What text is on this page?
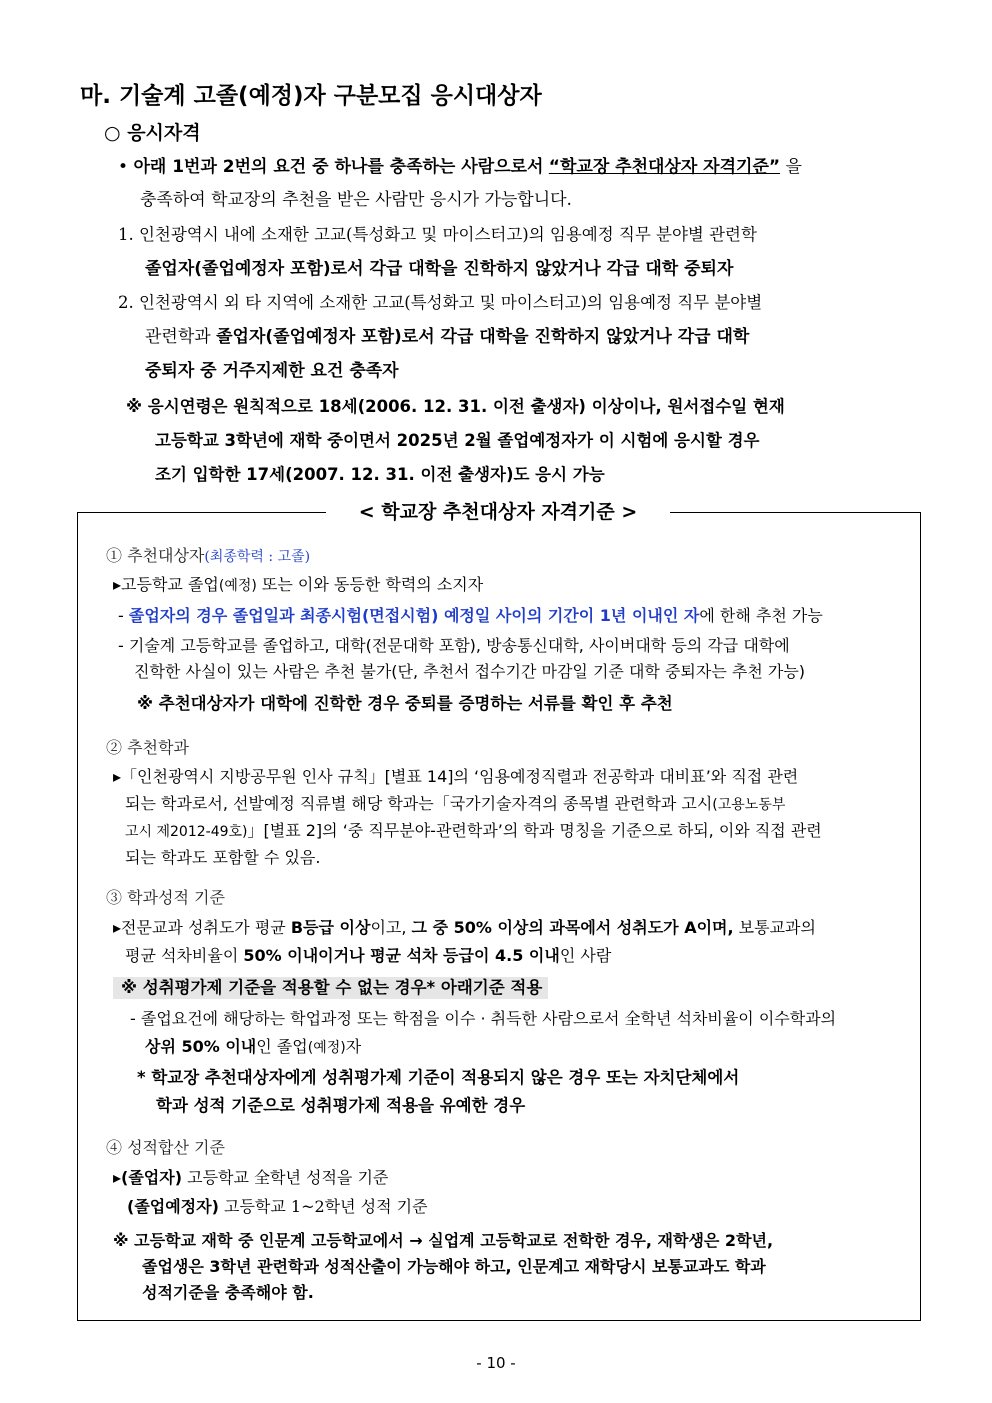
마. 기술계 고졸(예정)자 구분모집 응시대상자
○ 응시자격
• 아래 1번과 2번의 요건 중 하나를 충족하는 사람으로서 “학교장 추천대상자 자격기준” 을
충족하여 학교장의 추천을 받은 사람만 응시가 가능합니다.
1. 인천광역시 내에 소재한 고교(특성화고 및 마이스터고)의 임용예정 직무 분야별 관련학
졸업자(졸업예정자 포함)로서 각급 대학을 진학하지 않았거나 각급 대학 중퇴자
2. 인천광역시 외 타 지역에 소재한 고교(특성화고 및 마이스터고)의 임용예정 직무 분야별
관련학과 졸업자(졸업예정자 포함)로서 각급 대학을 진학하지 않았거나 각급 대학
중퇴자 중 거주지제한 요건 충족자
※ 응시연령은 원칙적으로 18세(2006. 12. 31. 이전 출생자) 이상이나, 원서접수일 현재
고등학교 3학년에 재학 중이면서 2025년 2월 졸업예정자가 이 시험에 응시할 경우
조기 입학한 17세(2007. 12. 31. 이전 출생자)도 응시 가능
< 학교장 추천대상자 자격기준 >
① 추천대상자(최종학력 : 고졸)
▸고등학교 졸업(예정) 또는 이와 동등한 학력의 소지자
- 졸업자의 경우 졸업일과 최종시험(면접시험) 예정일 사이의 기간이 1년 이내인 자에 한해 추천 가능
- 기술계 고등학교를 졸업하고, 대학(전문대학 포함), 방송통신대학, 사이버대학 등의 각급 대학에
진학한 사실이 있는 사람은 추천 불가(단, 추천서 접수기간 마감일 기준 대학 중퇴자는 추천 가능)
※ 추천대상자가 대학에 진학한 경우 중퇴를 증명하는 서류를 확인 후 추천
② 추천학과
▸「인천광역시 지방공무원 인사 규칙」[별표 14]의 ‘임용예정직렬과 전공학과 대비표’와 직접 관련
되는 학과로서, 선발예정 직류별 해당 학과는「국가기술자격의 종목별 관련학과 고시(고용노동부
고시 제2012-49호)」[별표 2]의 ‘중 직무분야-관련학과’의 학과 명칭을 기준으로 하되, 이와 직접 관련
되는 학과도 포함할 수 있음.
③ 학과성적 기준
▸전문교과 성취도가 평균 B등급 이상이고, 그 중 50% 이상의 과목에서 성취도가 A이며, 보통교과의
평균 석차비율이 50% 이내이거나 평균 석차 등급이 4.5 이내인 사람
※ 성취평가제 기준을 적용할 수 없는 경우* 아래기준 적용
- 졸업요건에 해당하는 학업과정 또는 학점을 이수 · 취득한 사람으로서 全학년 석차비율이 이수학과의
상위 50% 이내인 졸업(예정)자
* 학교장 추천대상자에게 성취평가제 기준이 적용되지 않은 경우 또는 자치단체에서
학과 성적 기준으로 성취평가제 적용을 유예한 경우
④ 성적합산 기준
▸(졸업자) 고등학교 全학년 성적을 기준
(졸업예정자) 고등학교 1~2학년 성적 기준
※ 고등학교 재학 중 인문계 고등학교에서 → 실업계 고등학교로 전학한 경우, 재학생은 2학년,
졸업생은 3학년 관련학과 성적산출이 가능해야 하고, 인문계고 재학당시 보통교과도 학과
성적기준을 충족해야 함.
- 10 -
